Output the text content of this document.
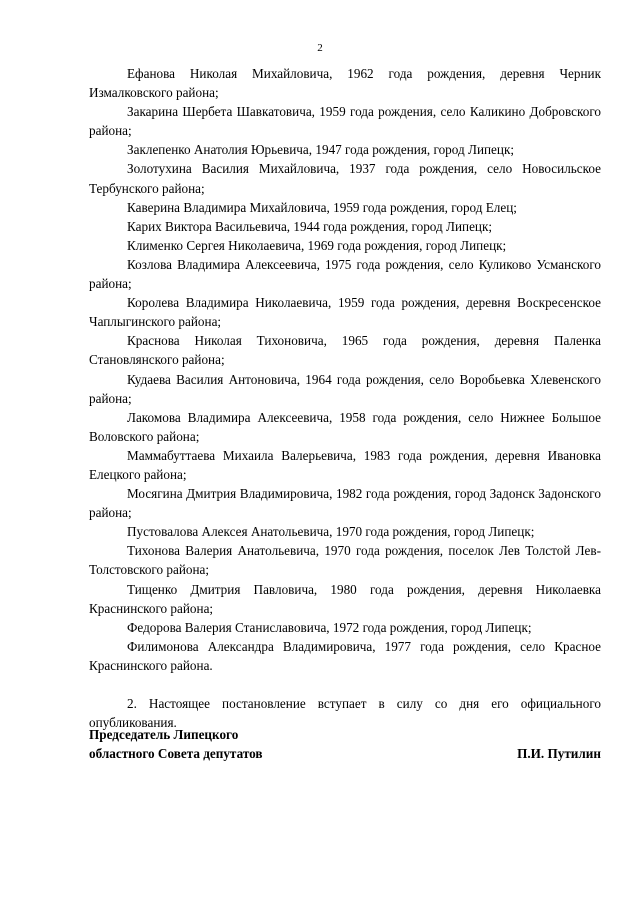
2

Ефанова Николая Михайловича, 1962 года рождения, деревня Черник Измалковского района;

Закарина Шербета Шавкатовича, 1959 года рождения, село Каликино Добровского района;

Заклепенко Анатолия Юрьевича, 1947 года рождения, город Липецк;

Золотухина Василия Михайловича, 1937 года рождения, село Новосильское Тербунского района;

Каверина Владимира Михайловича, 1959 года рождения, город Елец;

Карих Виктора Васильевича, 1944 года рождения, город Липецк;

Клименко Сергея Николаевича, 1969 года рождения, город Липецк;

Козлова Владимира Алексеевича, 1975 года рождения, село Куликово Усманского района;

Королева Владимира Николаевича, 1959 года рождения, деревня Воскресенское Чаплыгинского района;

Краснова Николая Тихоновича, 1965 года рождения, деревня Паленка Становлянского района;

Кудаева Василия Антоновича, 1964 года рождения, село Воробьевка Хлевенского района;

Лакомова Владимира Алексеевича, 1958 года рождения, село Нижнее Большое Воловского района;

Маммабуттаева Михаила Валерьевича, 1983 года рождения, деревня Ивановка Елецкого района;

Мосягина Дмитрия Владимировича, 1982 года рождения, город Задонск Задонского района;

Пустовалова Алексея Анатольевича, 1970 года рождения, город Липецк;

Тихонова Валерия Анатольевича, 1970 года рождения, поселок Лев Толстой Лев-Толстовского района;

Тищенко Дмитрия Павловича, 1980 года рождения, деревня Николаевка Краснинского района;

Федорова Валерия Станиславовича, 1972 года рождения, город Липецк;

Филимонова Александра Владимировича, 1977 года рождения, село Красное Краснинского района.

2. Настоящее постановление вступает в силу со дня его официального опубликования.

Председатель Липецкого
областного Совета депутатов	П.И. Путилин
